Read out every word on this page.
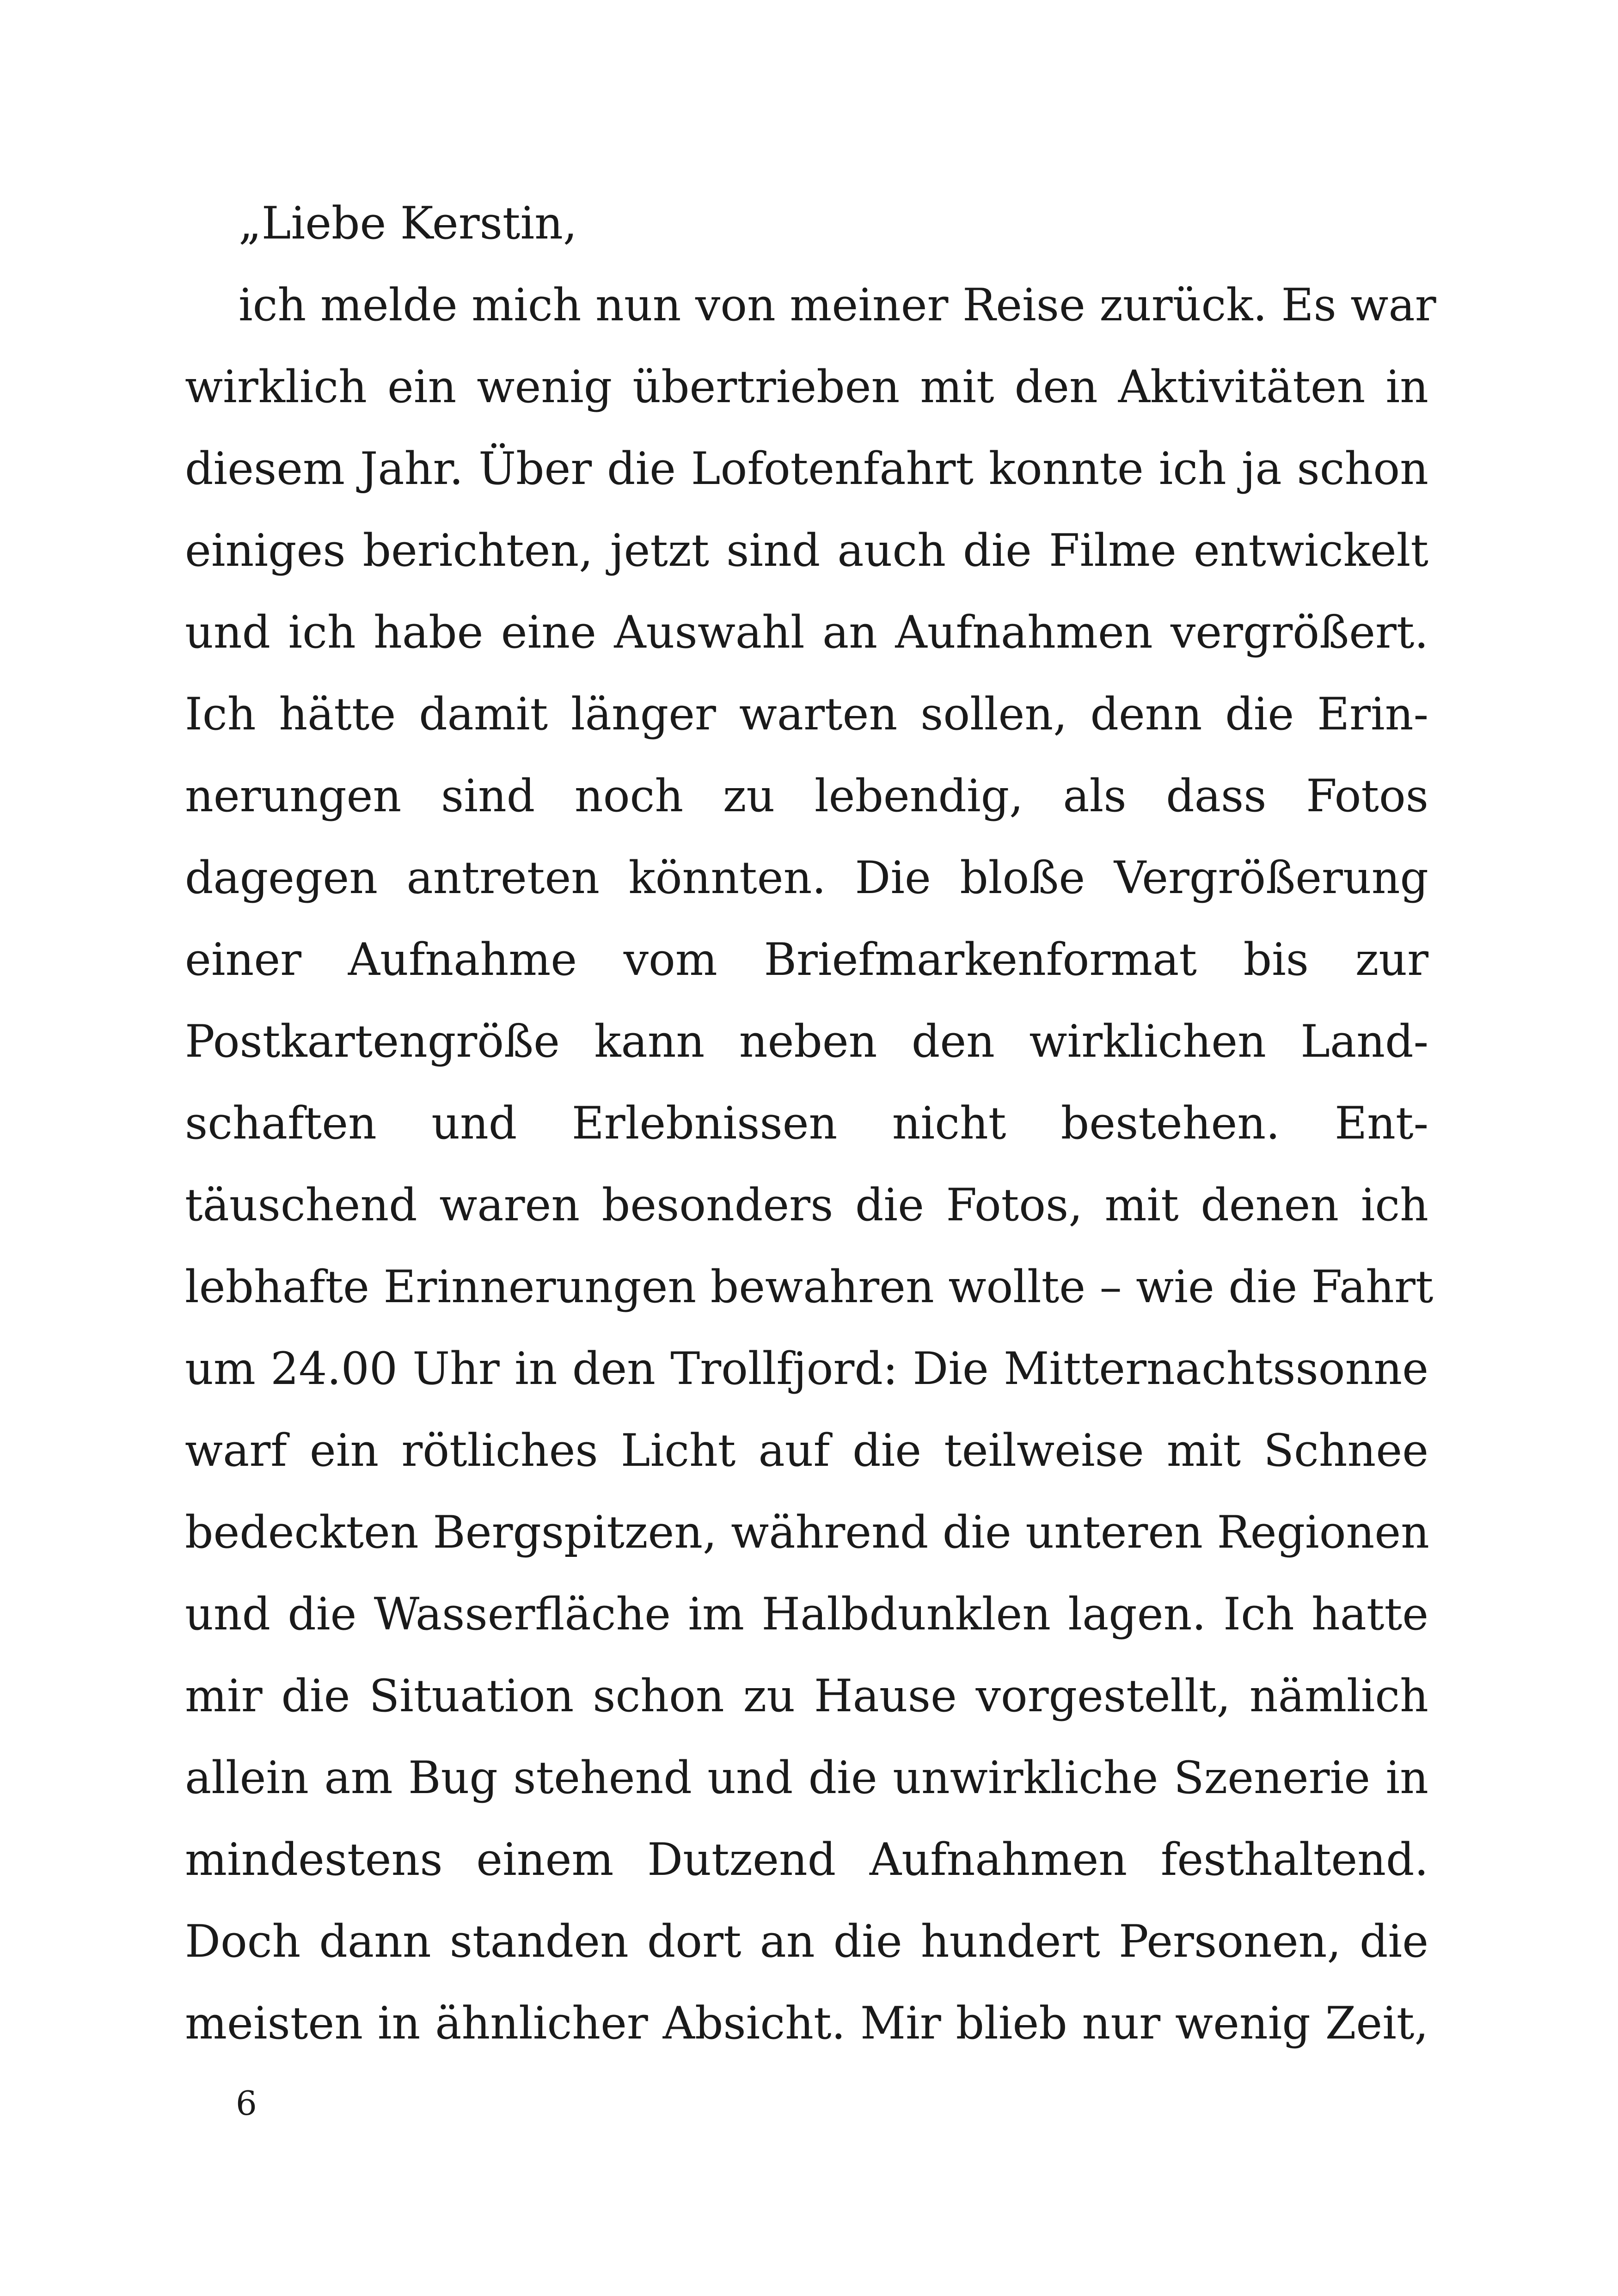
„Liebe Kerstin,
ich melde mich nun von meiner Reise zurück. Es war
wirklich ein wenig übertrieben mit den Aktivitäten in
diesem Jahr. Über die Lofotenfahrt konnte ich ja schon
einiges berichten, jetzt sind auch die Filme entwickelt
und ich habe eine Auswahl an Aufnahmen vergrößert.
Ich hätte damit länger warten sollen, denn die Erin-
nerungen sind noch zu lebendig, als dass Fotos
dagegen antreten könnten. Die bloße Vergrößerung
einer Aufnahme vom Briefmarkenformat bis zur
Postkartengröße kann neben den wirklichen Land-
schaften und Erlebnissen nicht bestehen. Ent-
täuschend waren besonders die Fotos, mit denen ich
lebhafte Erinnerungen bewahren wollte – wie die Fahrt
um 24.00 Uhr in den Trollfjord: Die Mitternachtssonne
warf ein rötliches Licht auf die teilweise mit Schnee
bedeckten Bergspitzen, während die unteren Regionen
und die Wasserfläche im Halbdunklen lagen. Ich hatte
mir die Situation schon zu Hause vorgestellt, nämlich
allein am Bug stehend und die unwirkliche Szenerie in
mindestens einem Dutzend Aufnahmen festhaltend.
Doch dann standen dort an die hundert Personen, die
meisten in ähnlicher Absicht. Mir blieb nur wenig Zeit,
6
